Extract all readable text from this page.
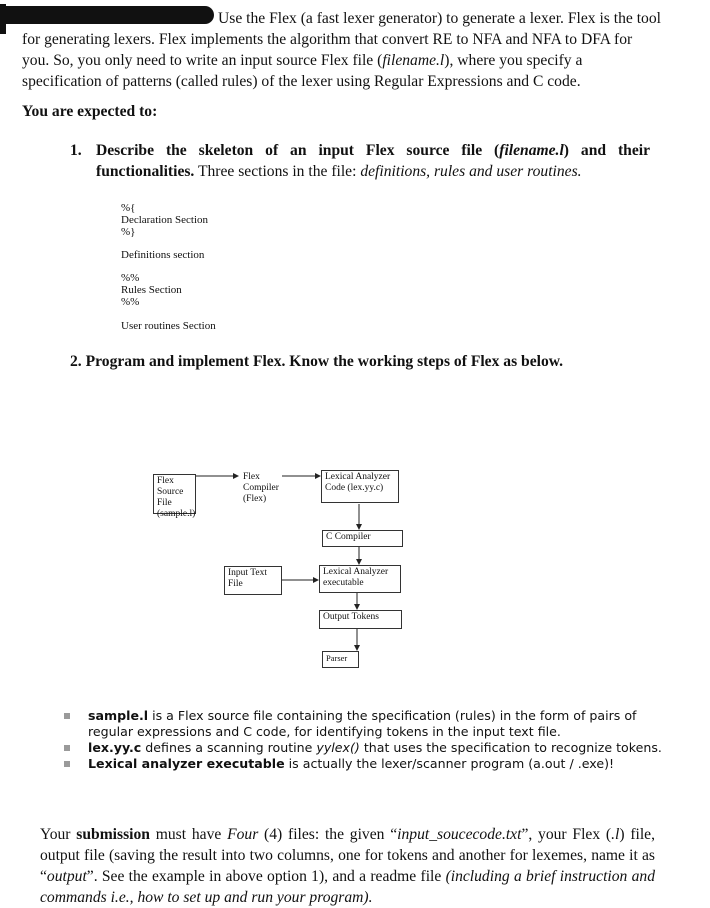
Use the Flex (a fast lexer generator) to generate a lexer. Flex is the tool for generating lexers. Flex implements the algorithm that convert RE to NFA and NFA to DFA for you. So, you only need to write an input source Flex file (filename.l), where you specify a specification of patterns (called rules) of the lexer using Regular Expressions and C code.

You are expected to:

1. Describe the skeleton of an input Flex source file (filename.l) and their functionalities. Three sections in the file: definitions, rules and user routines.
%{
Declaration Section
%}
Definitions section
%%
Rules Section
%%
User routines Section

2. Program and implement Flex. Know the working steps of Flex as below.

Flex Source
File
(sample.l)
Flex
Compiler
(Flex)
Lexical Analyzer
Code (lex.yy.c)
C Compiler
Input Text
File
Lexical Analyzer
executable
Output Tokens
Parser
sample.l is a Flex source file containing the specification (rules) in the form of pairs of regular expressions and C code, for identifying tokens in the input text file.
lex.yy.c defines a scanning routine yylex() that uses the specification to recognize tokens.
Lexical analyzer executable is actually the lexer/scanner program (a.out / .exe)!

Your submission must have Four (4) files: the given “input_soucecode.txt”, your Flex (.l) file, output file (saving the result into two columns, one for tokens and another for lexemes, name it as “output”. See the example in above option 1), and a readme file (including a brief instruction and commands i.e., how to set up and run your program).
